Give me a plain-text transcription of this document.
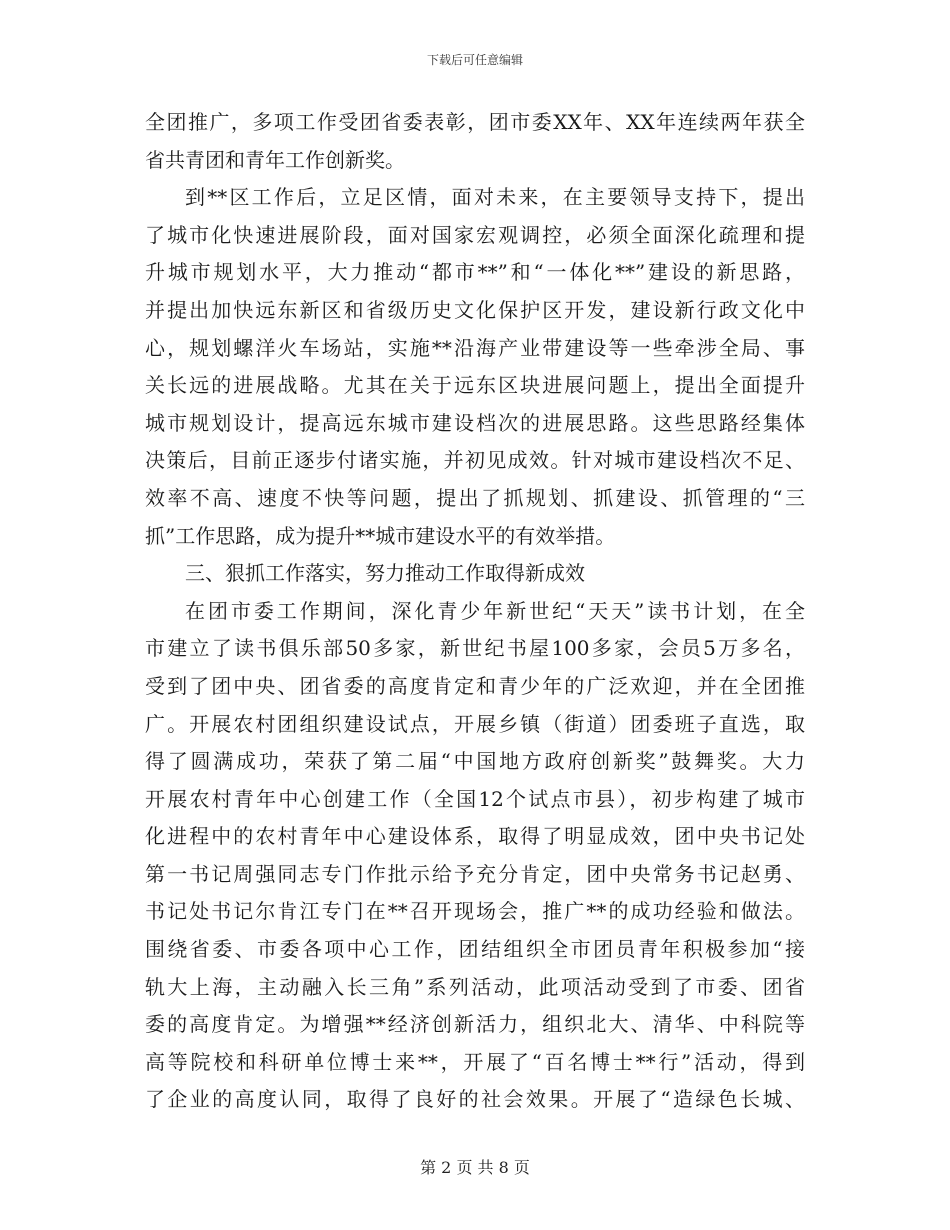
下载后可任意编辑
全团推广，多项工作受团省委表彰，团市委XX年、XX年连续两年获全
省共青团和青年工作创新奖。
到**区工作后，立足区情，面对未来，在主要领导支持下，提出
了城市化快速进展阶段，面对国家宏观调控，必须全面深化疏理和提
升城市规划水平，大力推动“都市**”和“一体化**”建设的新思路，
并提出加快远东新区和省级历史文化保护区开发，建设新行政文化中
心，规划螺洋火车场站，实施**沿海产业带建设等一些牵涉全局、事
关长远的进展战略。尤其在关于远东区块进展问题上，提出全面提升
城市规划设计，提高远东城市建设档次的进展思路。这些思路经集体
决策后，目前正逐步付诸实施，并初见成效。针对城市建设档次不足、
效率不高、速度不快等问题，提出了抓规划、抓建设、抓管理的“三
抓”工作思路，成为提升**城市建设水平的有效举措。
三、狠抓工作落实，努力推动工作取得新成效
在团市委工作期间，深化青少年新世纪“天天”读书计划，在全
市建立了读书俱乐部50多家，新世纪书屋100多家，会员5万多名，
受到了团中央、团省委的高度肯定和青少年的广泛欢迎，并在全团推
广。开展农村团组织建设试点，开展乡镇（街道）团委班子直选，取
得了圆满成功，荣获了第二届“中国地方政府创新奖”鼓舞奖。大力
开展农村青年中心创建工作（全国12个试点市县），初步构建了城市
化进程中的农村青年中心建设体系，取得了明显成效，团中央书记处
第一书记周强同志专门作批示给予充分肯定，团中央常务书记赵勇、
书记处书记尔肯江专门在**召开现场会，推广**的成功经验和做法。
围绕省委、市委各项中心工作，团结组织全市团员青年积极参加“接
轨大上海，主动融入长三角”系列活动，此项活动受到了市委、团省
委的高度肯定。为增强**经济创新活力，组织北大、清华、中科院等
高等院校和科研单位博士来**，开展了“百名博士**行”活动，得到
了企业的高度认同，取得了良好的社会效果。开展了“造绿色长城、
第 2 页 共 8 页
